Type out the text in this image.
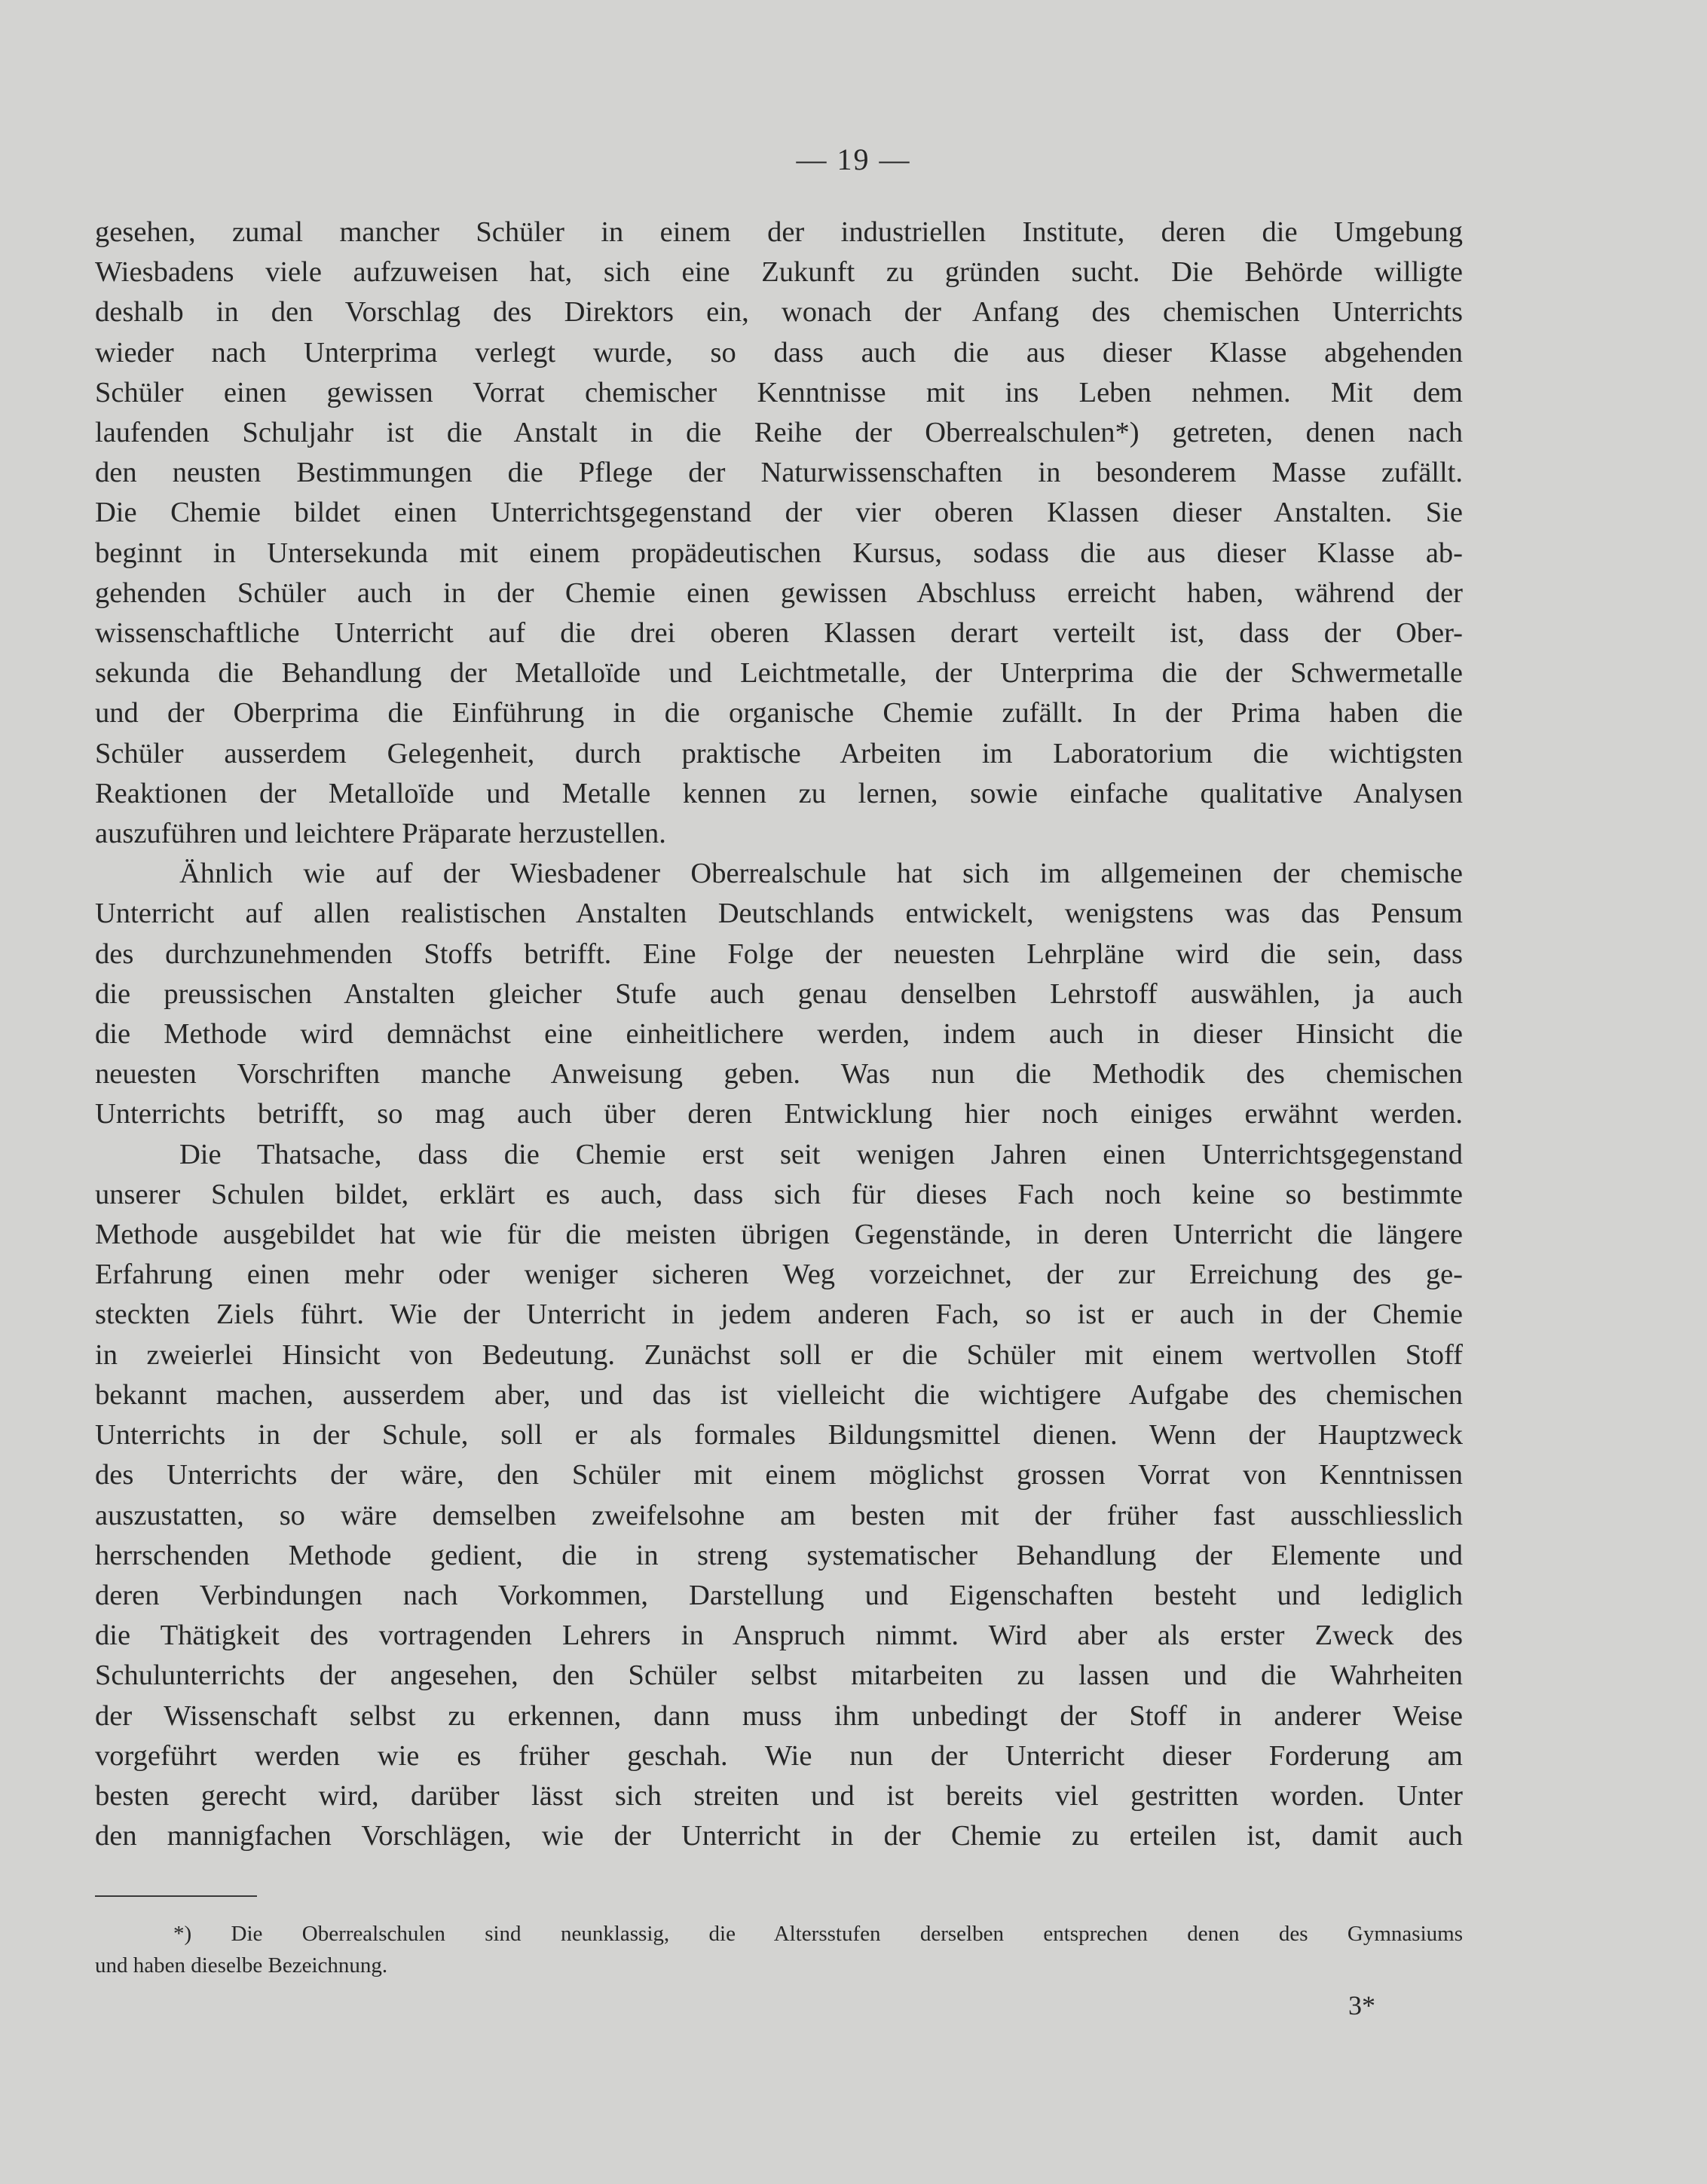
— 19 —

gesehen, zumal mancher Schüler in einem der industriellen Institute, deren die Umgebung
Wiesbadens viele aufzuweisen hat, sich eine Zukunft zu gründen sucht. Die Behörde willigte
deshalb in den Vorschlag des Direktors ein, wonach der Anfang des chemischen Unterrichts
wieder nach Unterprima verlegt wurde, so dass auch die aus dieser Klasse abgehenden
Schüler einen gewissen Vorrat chemischer Kenntnisse mit ins Leben nehmen. Mit dem
laufenden Schuljahr ist die Anstalt in die Reihe der Oberrealschulen*) getreten, denen nach
den neusten Bestimmungen die Pflege der Naturwissenschaften in besonderem Masse zufällt.
Die Chemie bildet einen Unterrichtsgegenstand der vier oberen Klassen dieser Anstalten. Sie
beginnt in Untersekunda mit einem propädeutischen Kursus, sodass die aus dieser Klasse ab-
gehenden Schüler auch in der Chemie einen gewissen Abschluss erreicht haben, während der
wissenschaftliche Unterricht auf die drei oberen Klassen derart verteilt ist, dass der Ober-
sekunda die Behandlung der Metalloïde und Leichtmetalle, der Unterprima die der Schwermetalle
und der Oberprima die Einführung in die organische Chemie zufällt. In der Prima haben die
Schüler ausserdem Gelegenheit, durch praktische Arbeiten im Laboratorium die wichtigsten
Reaktionen der Metalloïde und Metalle kennen zu lernen, sowie einfache qualitative Analysen
auszuführen und leichtere Präparate herzustellen.

Ähnlich wie auf der Wiesbadener Oberrealschule hat sich im allgemeinen der chemische
Unterricht auf allen realistischen Anstalten Deutschlands entwickelt, wenigstens was das Pensum
des durchzunehmenden Stoffs betrifft. Eine Folge der neuesten Lehrpläne wird die sein, dass
die preussischen Anstalten gleicher Stufe auch genau denselben Lehrstoff auswählen, ja auch
die Methode wird demnächst eine einheitlichere werden, indem auch in dieser Hinsicht die
neuesten Vorschriften manche Anweisung geben. Was nun die Methodik des chemischen
Unterrichts betrifft, so mag auch über deren Entwicklung hier noch einiges erwähnt werden.

Die Thatsache, dass die Chemie erst seit wenigen Jahren einen Unterrichtsgegenstand
unserer Schulen bildet, erklärt es auch, dass sich für dieses Fach noch keine so bestimmte
Methode ausgebildet hat wie für die meisten übrigen Gegenstände, in deren Unterricht die längere
Erfahrung einen mehr oder weniger sicheren Weg vorzeichnet, der zur Erreichung des ge-
steckten Ziels führt. Wie der Unterricht in jedem anderen Fach, so ist er auch in der Chemie
in zweierlei Hinsicht von Bedeutung. Zunächst soll er die Schüler mit einem wertvollen Stoff
bekannt machen, ausserdem aber, und das ist vielleicht die wichtigere Aufgabe des chemischen
Unterrichts in der Schule, soll er als formales Bildungsmittel dienen. Wenn der Hauptzweck
des Unterrichts der wäre, den Schüler mit einem möglichst grossen Vorrat von Kenntnissen
auszustatten, so wäre demselben zweifelsohne am besten mit der früher fast ausschliesslich
herrschenden Methode gedient, die in streng systematischer Behandlung der Elemente und
deren Verbindungen nach Vorkommen, Darstellung und Eigenschaften besteht und lediglich
die Thätigkeit des vortragenden Lehrers in Anspruch nimmt. Wird aber als erster Zweck des
Schulunterrichts der angesehen, den Schüler selbst mitarbeiten zu lassen und die Wahrheiten
der Wissenschaft selbst zu erkennen, dann muss ihm unbedingt der Stoff in anderer Weise
vorgeführt werden wie es früher geschah. Wie nun der Unterricht dieser Forderung am
besten gerecht wird, darüber lässt sich streiten und ist bereits viel gestritten worden. Unter
den mannigfachen Vorschlägen, wie der Unterricht in der Chemie zu erteilen ist, damit auch

*) Die Oberrealschulen sind neunklassig, die Altersstufen derselben entsprechen denen des Gymnasiums
und haben dieselbe Bezeichnung.
3*
